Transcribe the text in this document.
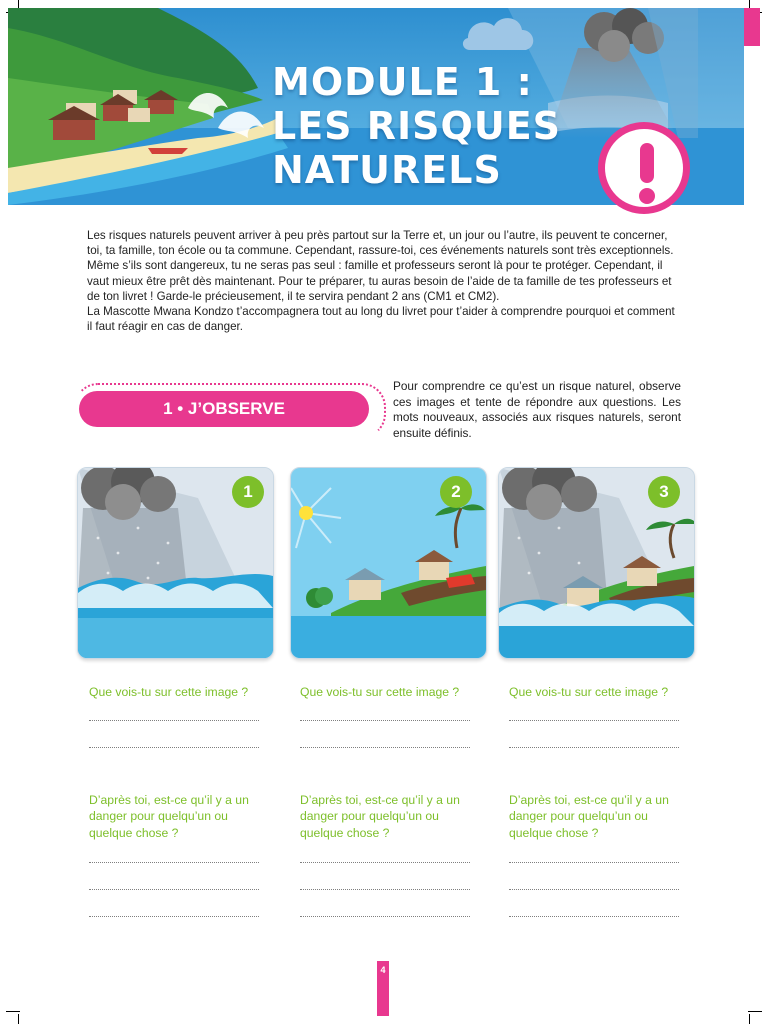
MODULE 1 :
LES RISQUES
NATURELS

Les risques naturels peuvent arriver à peu près partout sur la Terre et, un jour ou l’autre, ils peuvent te concerner, toi, ta famille, ton école ou ta commune. Cependant, rassure-toi, ces événements naturels sont très exceptionnels. Même s’ils sont dangereux, tu ne seras pas seul : famille et professeurs seront là pour te protéger. Cependant, il vaut mieux être prêt dès maintenant. Pour te préparer, tu auras besoin de l’aide de ta famille de tes professeurs et de ton livret ! Garde-le précieusement, il te servira pendant 2 ans (CM1 et CM2).

La Mascotte Mwana Kondzo t’accompagnera tout au long du livret pour t’aider à comprendre pourquoi et comment il faut réagir en cas de danger.

1 • J’OBSERVE

Pour comprendre ce qu’est un risque naturel, observe ces images et tente de répondre aux questions. Les mots nouveaux, associés aux risques naturels, seront ensuite définis.

1	2	3

Que vois-tu sur cette image ?

D’après toi, est-ce qu’il y a un danger pour quelqu’un ou quelque chose ?

Que vois-tu sur cette image ?

D’après toi, est-ce qu’il y a un danger pour quelqu’un ou quelque chose ?

Que vois-tu sur cette image ?

D’après toi, est-ce qu’il y a un danger pour quelqu’un ou quelque chose ?

4
